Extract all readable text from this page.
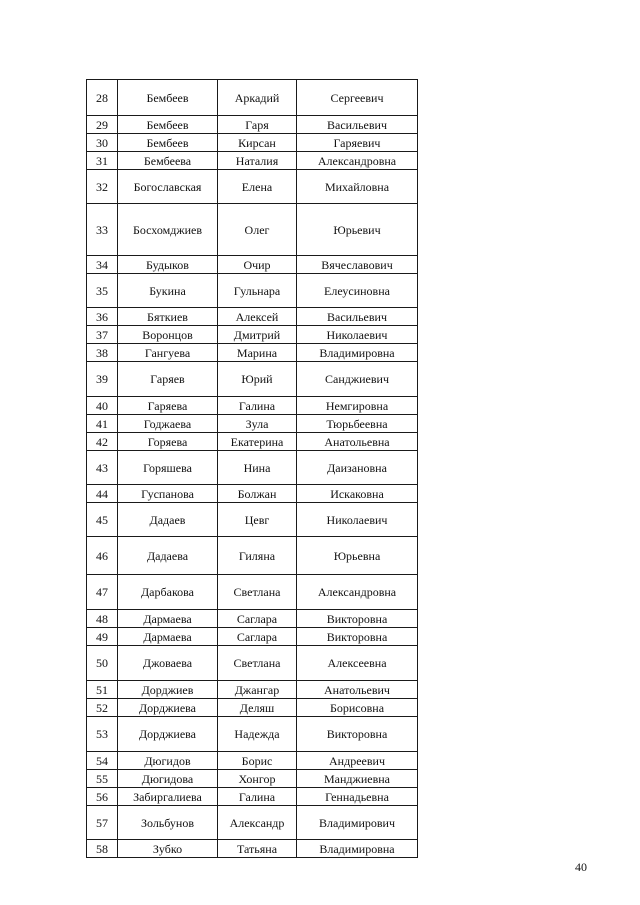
28	Бембеев	Аркадий	Сергеевич
29	Бембеев	Гаря	Васильевич
30	Бембеев	Кирсан	Гаряевич
31	Бембеева	Наталия	Александровна
32	Богославская	Елена	Михайловна
33	Босхомджиев	Олег	Юрьевич
34	Будыков	Очир	Вячеславович
35	Букина	Гульнара	Елеусиновна
36	Бяткиев	Алексей	Васильевич
37	Воронцов	Дмитрий	Николаевич
38	Гангуева	Марина	Владимировна
39	Гаряев	Юрий	Санджиевич
40	Гаряева	Галина	Немгировна
41	Годжаева	Зула	Тюрьбеевна
42	Горяева	Екатерина	Анатольевна
43	Горяшева	Нина	Даизановна
44	Гуспанова	Болжан	Искаковна
45	Дадаев	Цевг	Николаевич
46	Дадаева	Гиляна	Юрьевна
47	Дарбакова	Светлана	Александровна
48	Дармаева	Саглара	Викторовна
49	Дармаева	Саглара	Викторовна
50	Джоваева	Светлана	Алексеевна
51	Дорджиев	Джангар	Анатольевич
52	Дорджиева	Деляш	Борисовна
53	Дорджиева	Надежда	Викторовна
54	Дюгидов	Борис	Андреевич
55	Дюгидова	Хонгор	Манджиевна
56	Забиргалиева	Галина	Геннадьевна
57	Зольбунов	Александр	Владимирович
58	Зубко	Татьяна	Владимировна
40
